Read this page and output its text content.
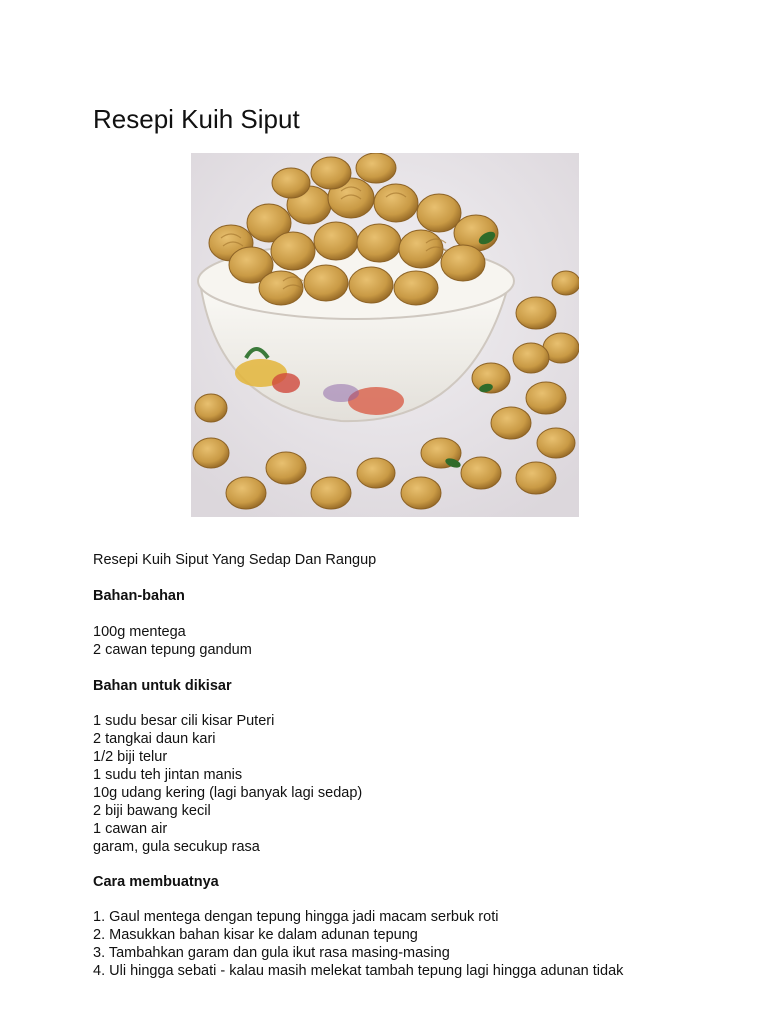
Resepi Kuih Siput

Resepi Kuih Siput Yang Sedap Dan Rangup

Bahan-bahan

100g mentega
2 cawan tepung gandum

Bahan untuk dikisar

1 sudu besar cili kisar Puteri
2 tangkai daun kari
1/2 biji telur
1 sudu teh jintan manis
10g udang kering (lagi banyak lagi sedap)
2 biji bawang kecil
1 cawan air
garam, gula secukup rasa

Cara membuatnya

1. Gaul mentega dengan tepung hingga jadi macam serbuk roti
2. Masukkan bahan kisar ke dalam adunan tepung
3. Tambahkan garam dan gula ikut rasa masing-masing
4. Uli hingga sebati - kalau masih melekat tambah tepung lagi hingga adunan tidak
